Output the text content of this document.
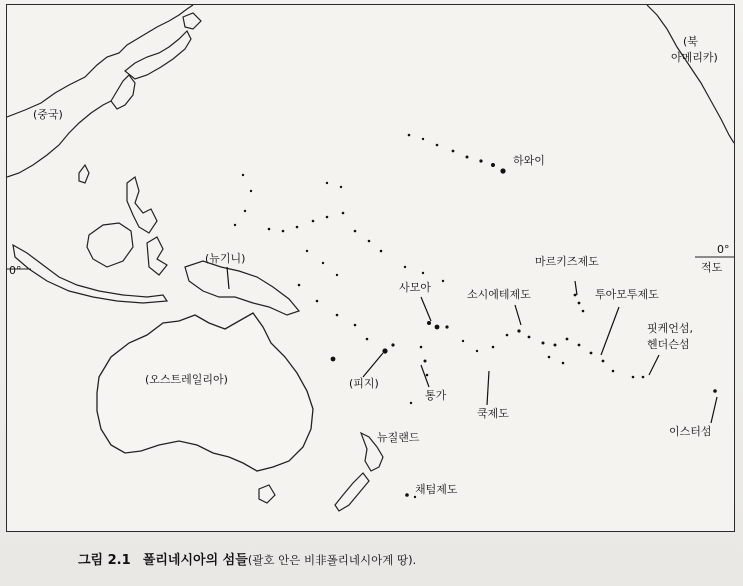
(중국)
(북
아메리카)
하와이
(뉴기니)	마르키즈제도
사모아
소시에테제도	투아모투제도
핏케언섬,
헨더슨섬
(오스트레일리아)	(피지)
통가
쿡제도
이스터섬
뉴질랜드
채텀제도
적도
0°
0°
그림 2.1 폴리네시아의 섬들(괄호 안은 비非폴리네시아계 땅).
